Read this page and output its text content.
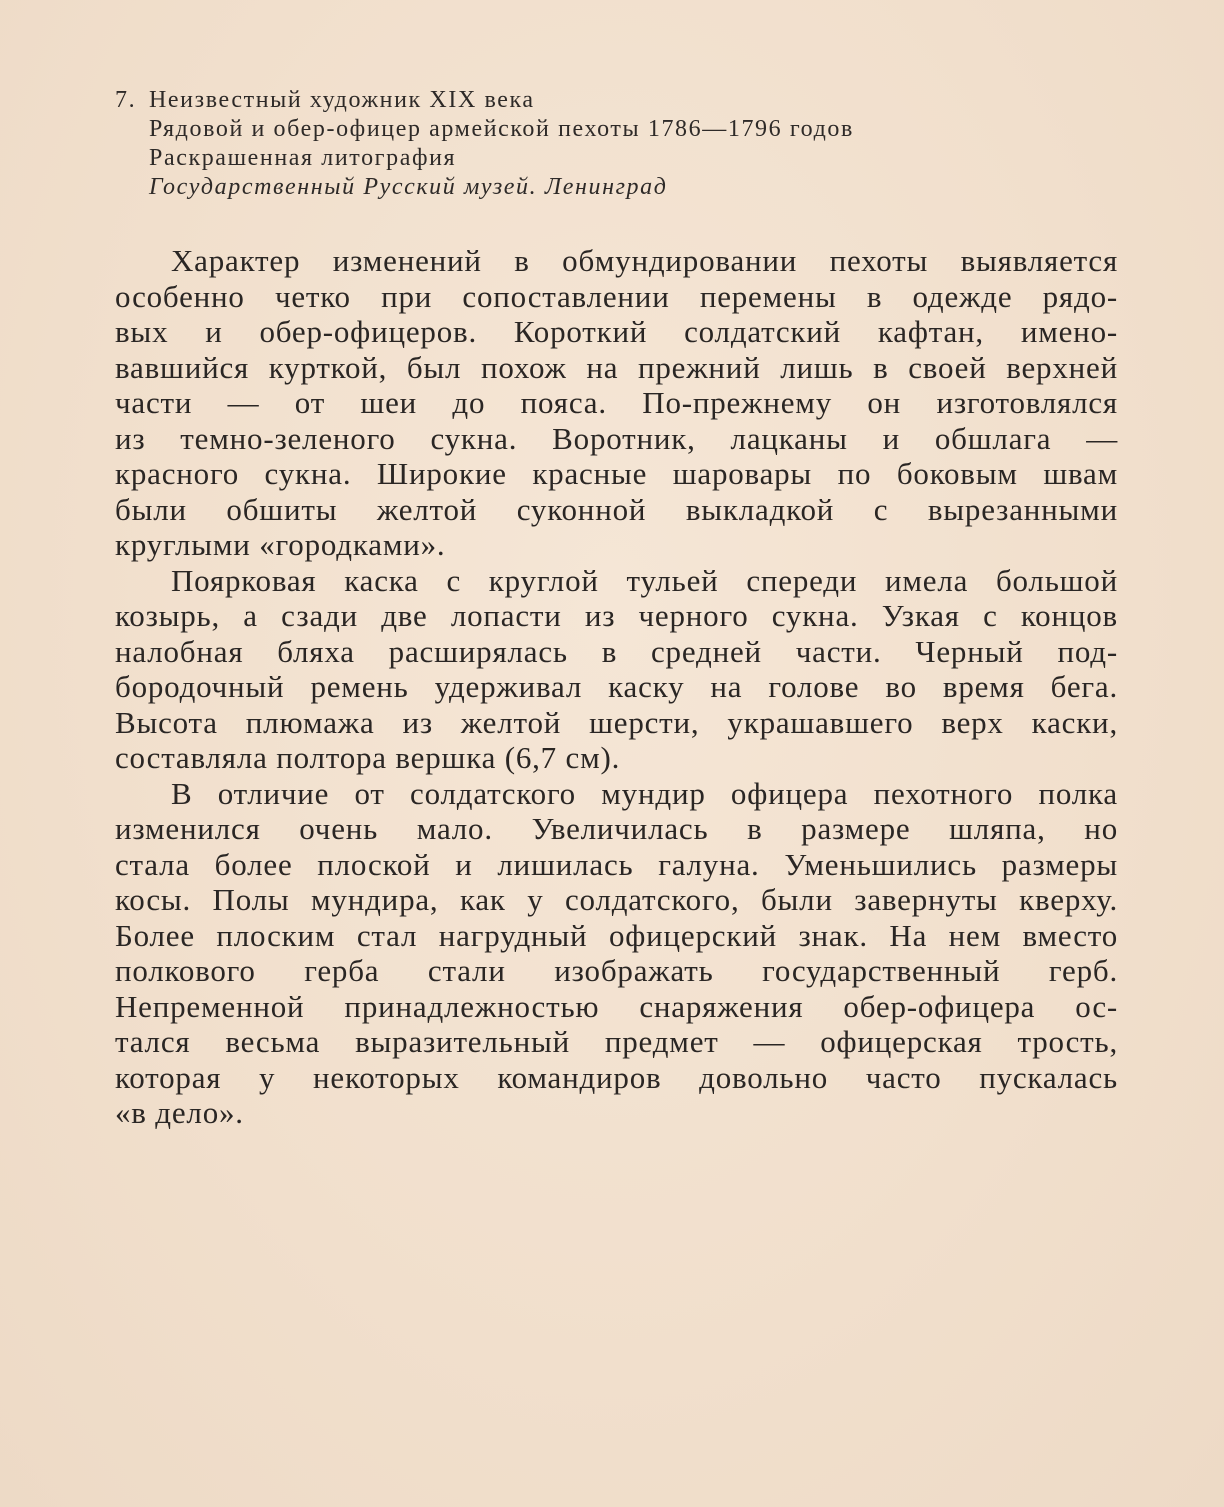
7. Неизвестный художник XIX века
Рядовой и обер-офицер армейской пехоты 1786—1796 годов
Раскрашенная литография
Государственный Русский музей. Ленинград

Характер изменений в обмундировании пехоты выявляется
особенно четко при сопоставлении перемены в одежде рядо-
вых и обер-офицеров. Короткий солдатский кафтан, имено-
вавшийся курткой, был похож на прежний лишь в своей верхней
части — от шеи до пояса. По-прежнему он изготовлялся
из темно-зеленого сукна. Воротник, лацканы и обшлага —
красного сукна. Широкие красные шаровары по боковым швам
были обшиты желтой суконной выкладкой с вырезанными
круглыми «городками».

Поярковая каска с круглой тульей спереди имела большой
козырь, а сзади две лопасти из черного сукна. Узкая с концов
налобная бляха расширялась в средней части. Черный под-
бородочный ремень удерживал каску на голове во время бега.
Высота плюмажа из желтой шерсти, украшавшего верх каски,
составляла полтора вершка (6,7 см).

В отличие от солдатского мундир офицера пехотного полка
изменился очень мало. Увеличилась в размере шляпа, но
стала более плоской и лишилась галуна. Уменьшились размеры
косы. Полы мундира, как у солдатского, были завернуты кверху.
Более плоским стал нагрудный офицерский знак. На нем вместо
полкового герба стали изображать государственный герб.
Непременной принадлежностью снаряжения обер-офицера ос-
тался весьма выразительный предмет — офицерская трость,
которая у некоторых командиров довольно часто пускалась
«в дело».
